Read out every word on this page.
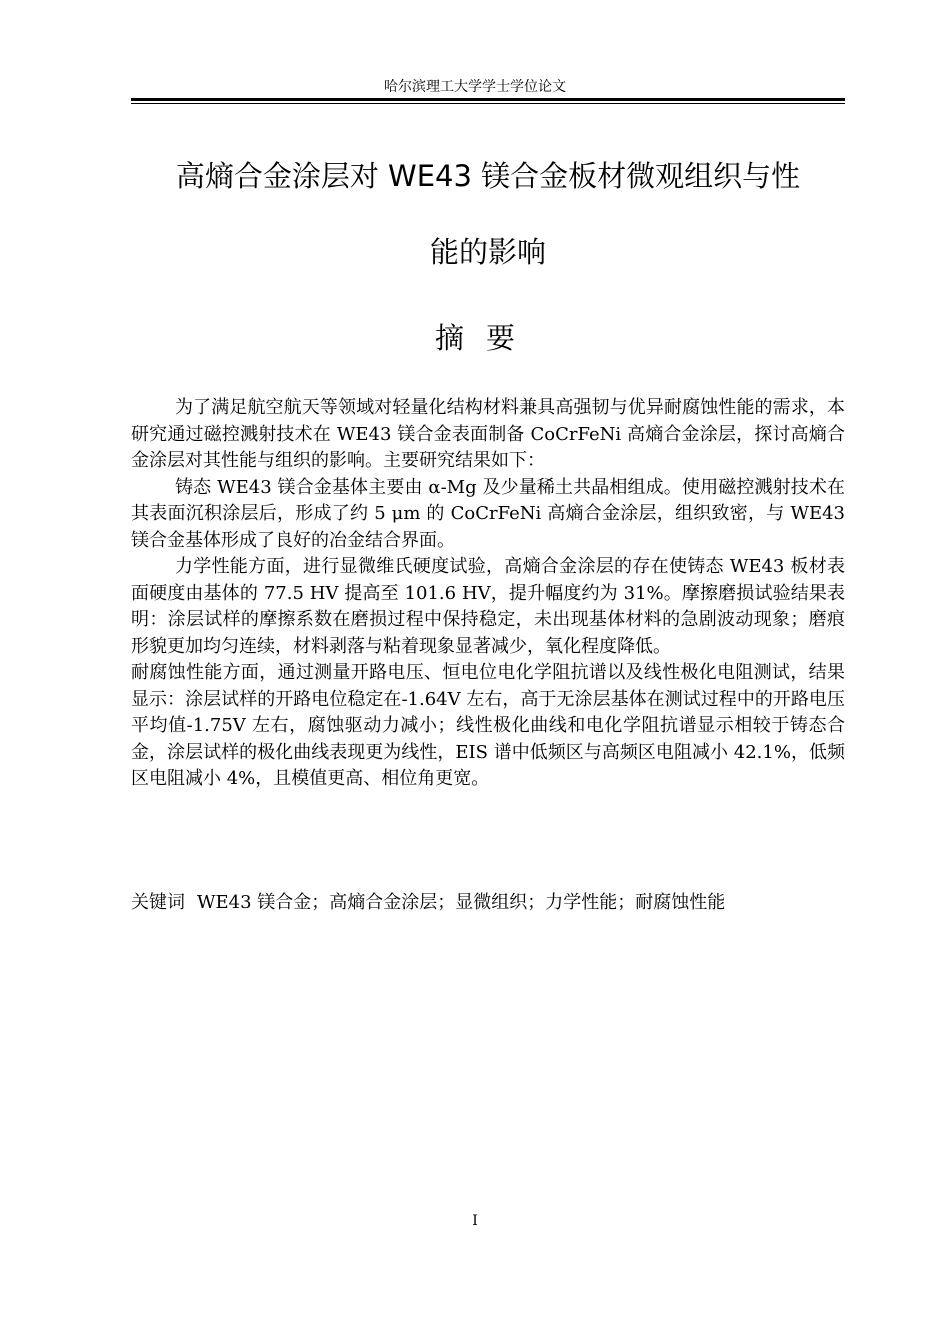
哈尔滨理工大学学士学位论文
高熵合金涂层对 WE43 镁合金板材微观组织与性
能的影响
摘要

为了满足航空航天等领域对轻量化结构材料兼具高强韧与优异耐腐蚀性能的需求，本研究通过磁控溅射技术在 WE43 镁合金表面制备 CoCrFeNi 高熵合金涂层，探讨高熵合金涂层对其性能与组织的影响。主要研究结果如下：

铸态 WE43 镁合金基体主要由 α-Mg 及少量稀土共晶相组成。使用磁控溅射技术在其表面沉积涂层后，形成了约 5 μm 的 CoCrFeNi 高熵合金涂层，组织致密，与 WE43 镁合金基体形成了良好的冶金结合界面。

力学性能方面，进行显微维氏硬度试验，高熵合金涂层的存在使铸态 WE43 板材表面硬度由基体的 77.5 HV 提高至 101.6 HV，提升幅度约为 31%。摩擦磨损试验结果表明：涂层试样的摩擦系数在磨损过程中保持稳定，未出现基体材料的急剧波动现象；磨痕形貌更加均匀连续，材料剥落与粘着现象显著减少，氧化程度降低。

耐腐蚀性能方面，通过测量开路电压、恒电位电化学阻抗谱以及线性极化电阻测试，结果显示：涂层试样的开路电位稳定在-1.64V 左右，高于无涂层基体在测试过程中的开路电压平均值-1.75V 左右，腐蚀驱动力减小；线性极化曲线和电化学阻抗谱显示相较于铸态合金，涂层试样的极化曲线表现更为线性，EIS 谱中低频区与高频区电阻减小 42.1%，低频区电阻减小 4%，且模值更高、相位角更宽。

关键词 WE43 镁合金；高熵合金涂层；显微组织；力学性能；耐腐蚀性能
I
